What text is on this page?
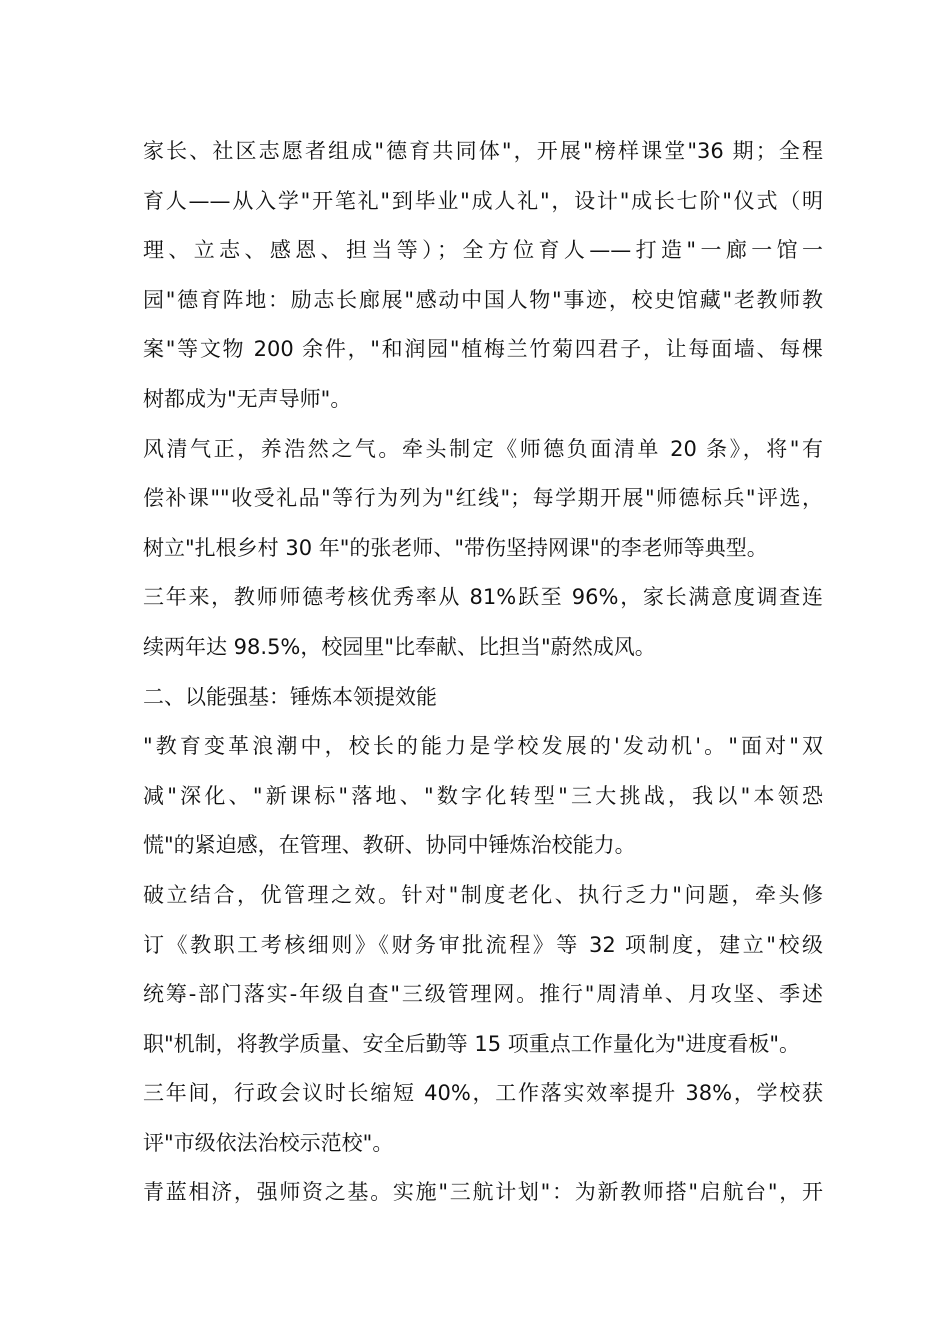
家长、社区志愿者组成"德育共同体"，开展"榜样课堂"36 期；全程
育人——从入学"开笔礼"到毕业"成人礼"，设计"成长七阶"仪式（明
理、立志、感恩、担当等）；全方位育人——打造"一廊一馆一
园"德育阵地：励志长廊展"感动中国人物"事迹，校史馆藏"老教师教
案"等文物 200 余件，"和润园"植梅兰竹菊四君子，让每面墙、每棵
树都成为"无声导师"。
风清气正，养浩然之气。牵头制定《师德负面清单 20 条》，将"有
偿补课""收受礼品"等行为列为"红线"；每学期开展"师德标兵"评选，
树立"扎根乡村 30 年"的张老师、"带伤坚持网课"的李老师等典型。
三年来，教师师德考核优秀率从 81%跃至 96%，家长满意度调查连
续两年达 98.5%，校园里"比奉献、比担当"蔚然成风。
二、以能强基：锤炼本领提效能
"教育变革浪潮中，校长的能力是学校发展的'发动机'。"面对"双
减"深化、"新课标"落地、"数字化转型"三大挑战，我以"本领恐
慌"的紧迫感，在管理、教研、协同中锤炼治校能力。
破立结合，优管理之效。针对"制度老化、执行乏力"问题，牵头修
订《教职工考核细则》《财务审批流程》等 32 项制度，建立"校级
统筹-部门落实-年级自查"三级管理网。推行"周清单、月攻坚、季述
职"机制，将教学质量、安全后勤等 15 项重点工作量化为"进度看板"。
三年间，行政会议时长缩短 40%，工作落实效率提升 38%，学校获
评"市级依法治校示范校"。
青蓝相济，强师资之基。实施"三航计划"：为新教师搭"启航台"，开
